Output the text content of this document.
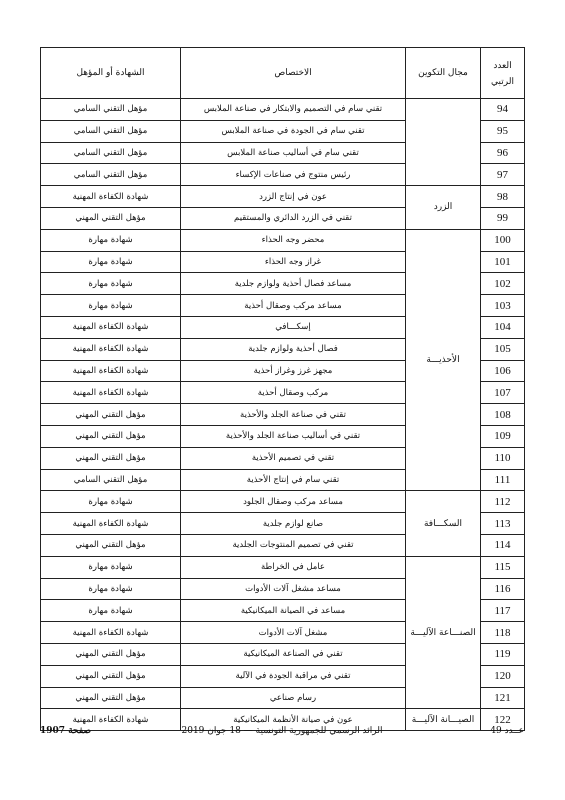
العدد
الرتبي	مجال التكوين	الاختصاص	الشهادة أو المؤهل
94		تقني سام في التصميم والابتكار في صناعة الملابس	مؤهل التقني السامي
95		تقني سام في الجودة في صناعة الملابس	مؤهل التقني السامي
96		تقني سام في أساليب صناعة الملابس	مؤهل التقني السامي
97		رئيس منتوج في صناعات الإكساء	مؤهل التقني السامي
98	الزرد	عون في إنتاج الزرد	شهادة الكفاءة المهنية
99		تقني في الزرد الدائري والمستقيم	مؤهل التقني المهني
100	الأحذيـــة	محضر وجه الحذاء	شهادة مهارة
101		غراز وجه الحذاء	شهادة مهارة
102		مساعد فصال أحذية ولوازم جلدية	شهادة مهارة
103		مساعد مركب وصقال أحذية	شهادة مهارة
104		إسكـــافي	شهادة الكفاءة المهنية
105		فصال أحذية ولوازم جلدية	شهادة الكفاءة المهنية
106		مجهز غرز وغراز أحذية	شهادة الكفاءة المهنية
107		مركب وصقال أحذية	شهادة الكفاءة المهنية
108		تقني في صناعة الجلد والأحذية	مؤهل التقني المهني
109		تقني في أساليب صناعة الجلد والأحذية	مؤهل التقني المهني
110		تقني في تصميم الأحذية	مؤهل التقني المهني
111		تقني سام في إنتاج الأحذية	مؤهل التقني السامي
112	السكـــافة	مساعد مركب وصقال الجلود	شهادة مهارة
113		صانع لوازم جلدية	شهادة الكفاءة المهنية
114		تقني في تصميم المنتوجات الجلدية	مؤهل التقني المهني
115	الصنـــاعة الآليـــة	عامل في الخراطة	شهادة مهارة
116		مساعد مشغل آلات الأدوات	شهادة مهارة
117		مساعد في الصيانة الميكانيكية	شهادة مهارة
118		مشغل آلات الأدوات	شهادة الكفاءة المهنية
119		تقني في الصناعة الميكانيكية	مؤهل التقني المهني
120		تقني في مراقبة الجودة في الآلية	مؤهل التقني المهني
121		رسام صناعي	مؤهل التقني المهني
122	الصيـــانة الآليـــة	عون في صيانة الأنظمة الميكانيكية	شهادة الكفاءة المهنية
عــدد 49
الرائد الرسمي للجمهورية التونسية — 18 جوان 2019
صفحة 1907
